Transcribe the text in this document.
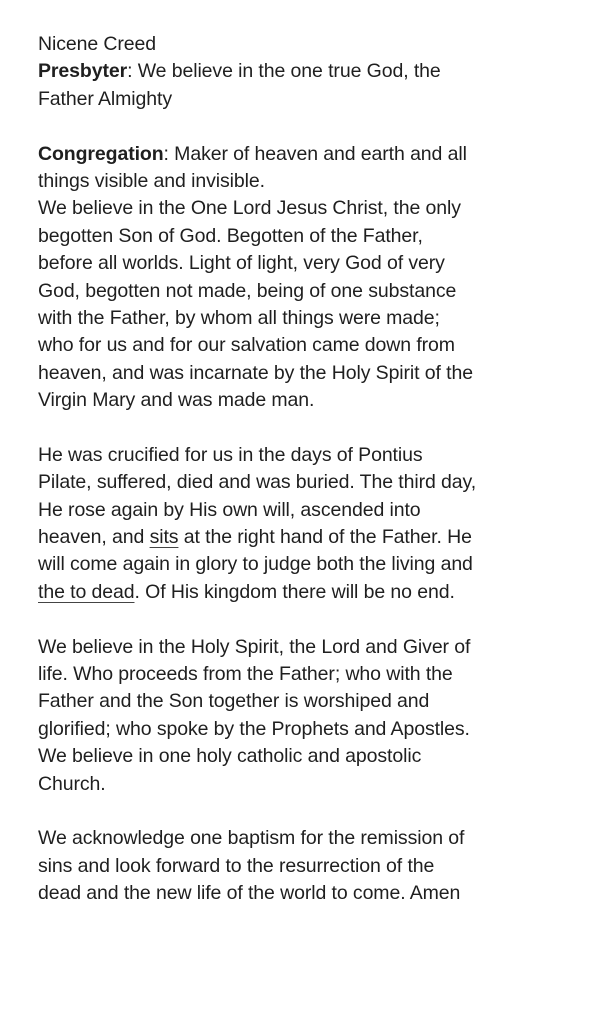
Nicene Creed
Presbyter: We believe in the one true God, the
Father Almighty
Congregation: Maker of heaven and earth and all
things visible and invisible.
We believe in the One Lord Jesus Christ, the only
begotten Son of God. Begotten of the Father,
before all worlds. Light of light, very God of very
God, begotten not made, being of one substance
with the Father, by whom all things were made;
who for us and for our salvation came down from
heaven, and was incarnate by the Holy Spirit of the
Virgin Mary and was made man.
He was crucified for us in the days of Pontius
Pilate, suffered, died and was buried. The third day,
He rose again by His own will, ascended into
heaven, and sits at the right hand of the Father. He
will come again in glory to judge both the living and
the to dead. Of His kingdom there will be no end.
We believe in the Holy Spirit, the Lord and Giver of
life. Who proceeds from the Father; who with the
Father and the Son together is worshiped and
glorified; who spoke by the Prophets and Apostles.
We believe in one holy catholic and apostolic
Church.
We acknowledge one baptism for the remission of
sins and look forward to the resurrection of the
dead and the new life of the world to come. Amen
